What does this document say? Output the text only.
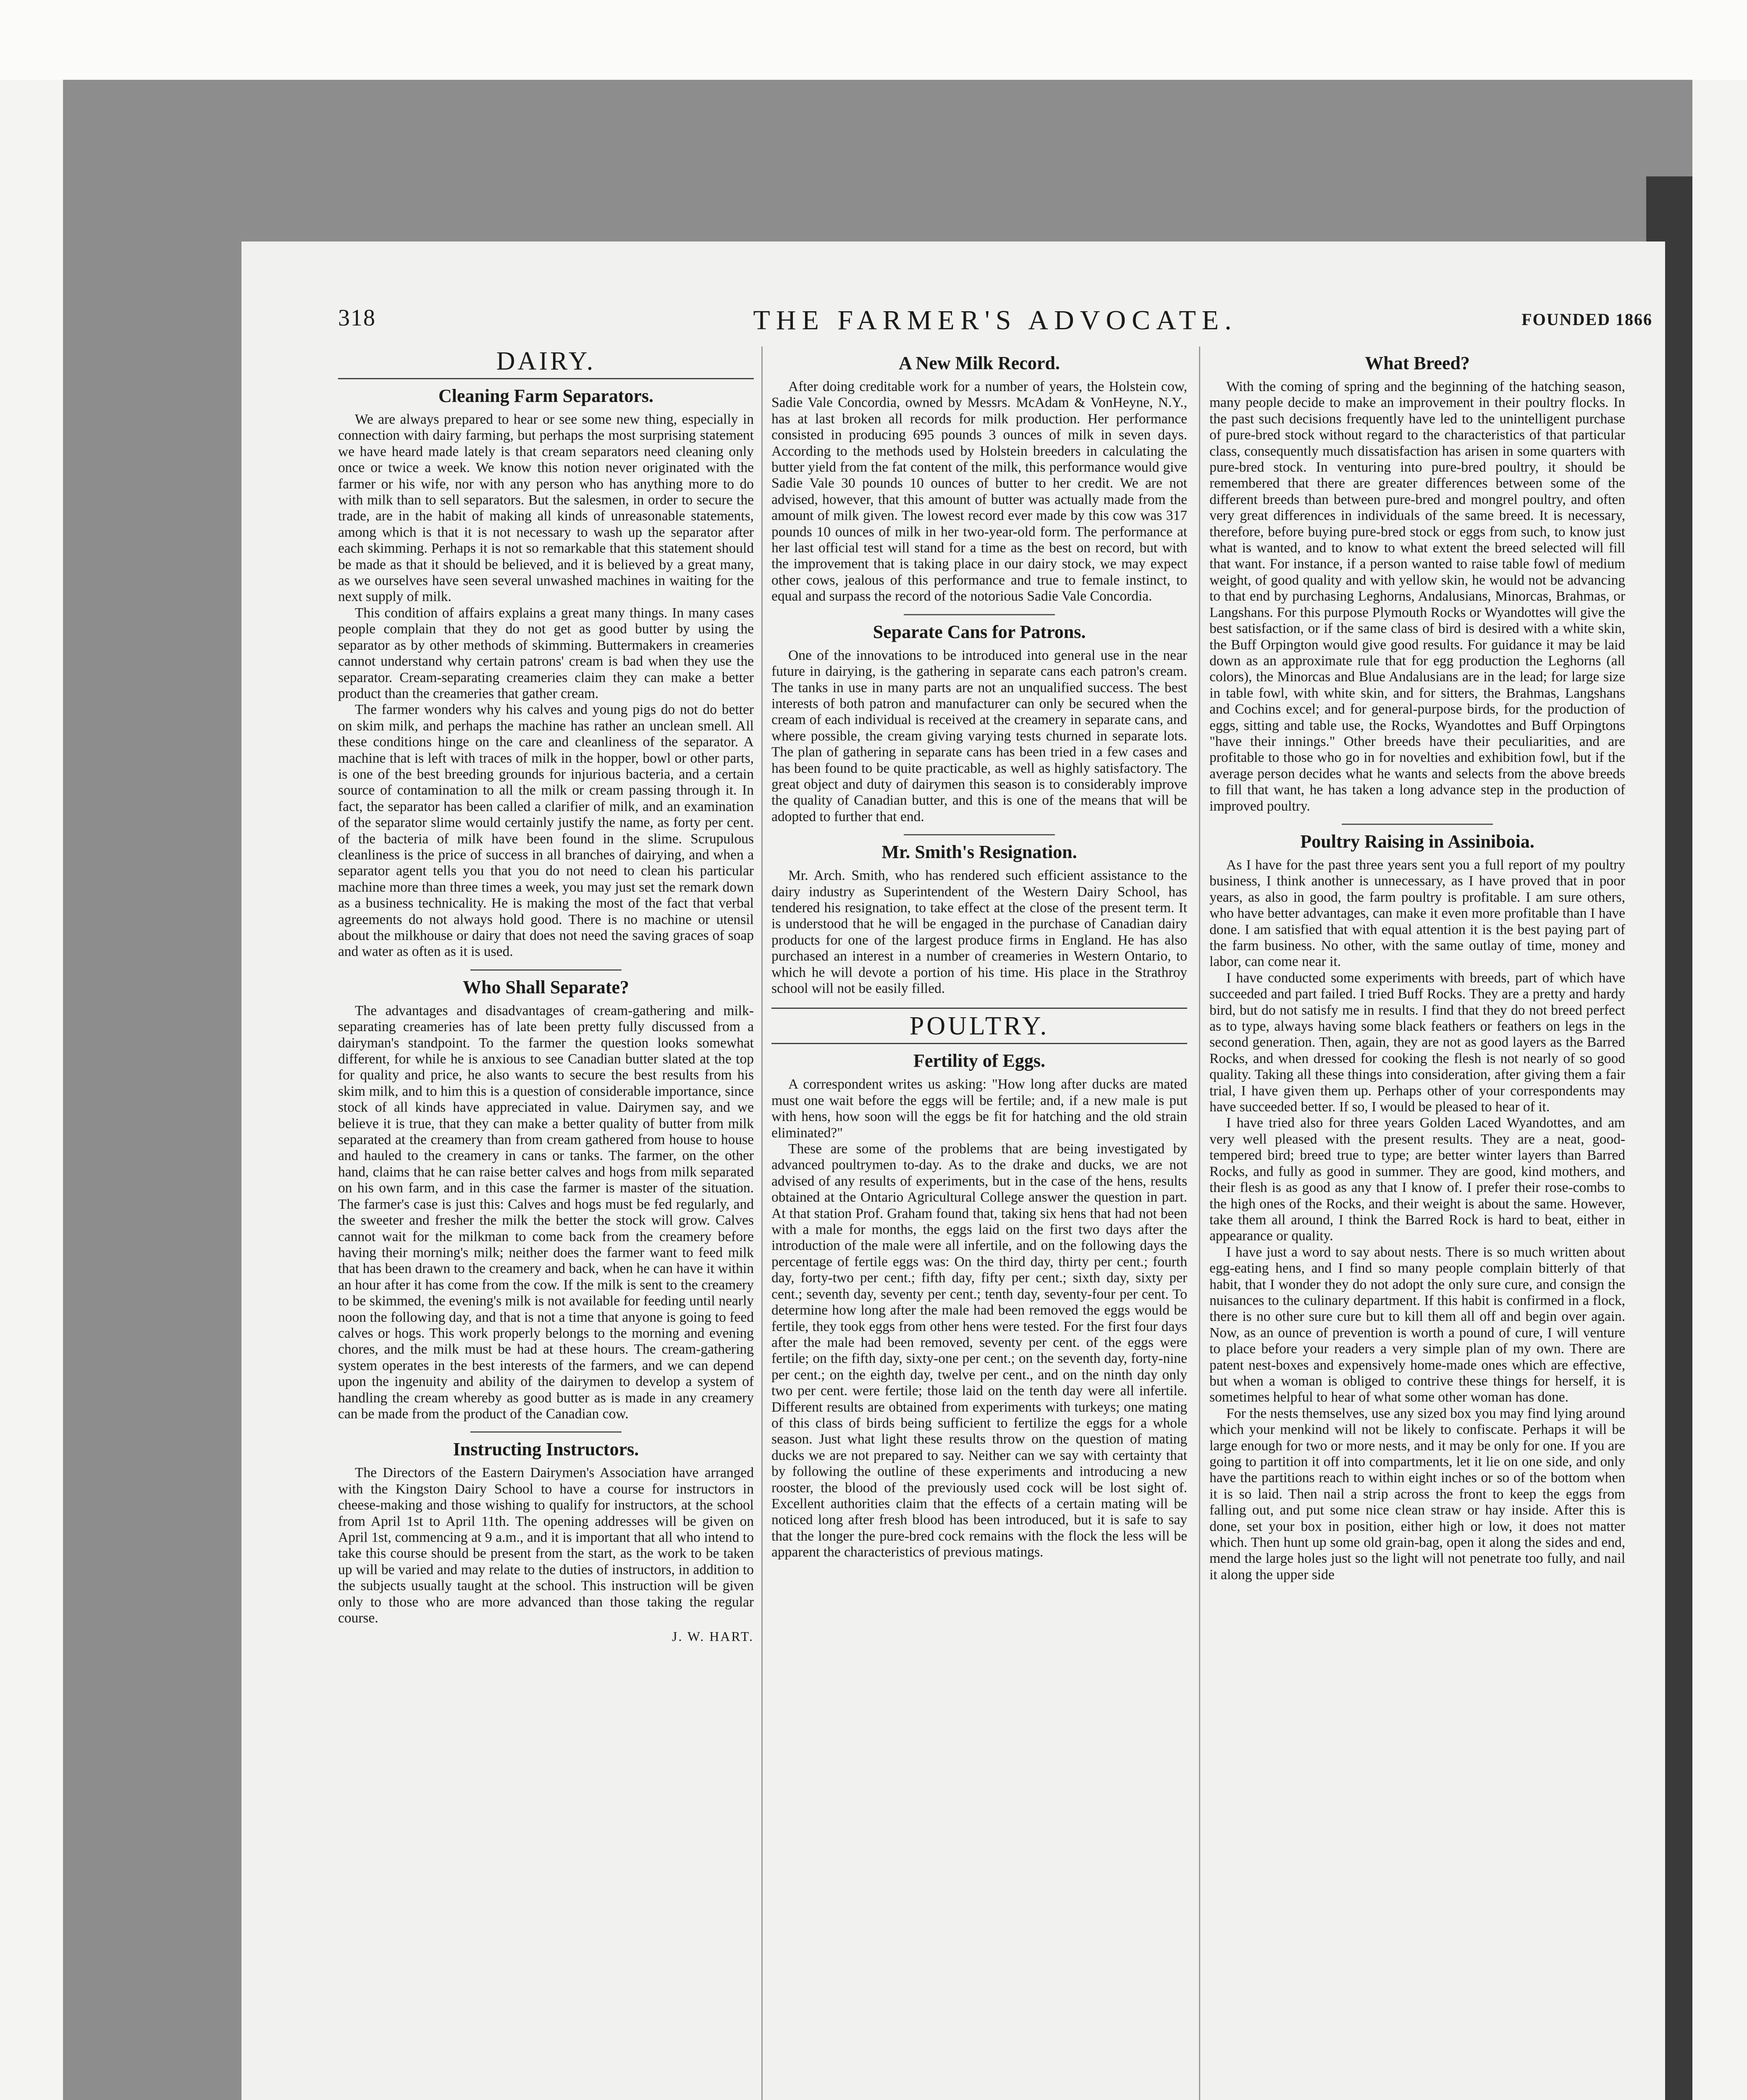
318	THE FARMER'S ADVOCATE.	FOUNDED 1866
DAIRY.
Cleaning Farm Separators.

We are always prepared to hear or see some new thing, especially in connection with dairy farming, but perhaps the most surprising statement we have heard made lately is that cream separators need cleaning only once or twice a week. We know this notion never originated with the farmer or his wife, nor with any person who has anything more to do with milk than to sell separators. But the salesmen, in order to secure the trade, are in the habit of making all kinds of unreasonable statements, among which is that it is not necessary to wash up the separator after each skimming. Perhaps it is not so remarkable that this statement should be made as that it should be believed, and it is believed by a great many, as we ourselves have seen several unwashed machines in waiting for the next supply of milk.

This condition of affairs explains a great many things. In many cases people complain that they do not get as good butter by using the separator as by other methods of skimming. Buttermakers in creameries cannot understand why certain patrons' cream is bad when they use the separator. Cream-separating creameries claim they can make a better product than the creameries that gather cream.

The farmer wonders why his calves and young pigs do not do better on skim milk, and perhaps the machine has rather an unclean smell. All these conditions hinge on the care and cleanliness of the separator. A machine that is left with traces of milk in the hopper, bowl or other parts, is one of the best breeding grounds for injurious bacteria, and a certain source of contamination to all the milk or cream passing through it. In fact, the separator has been called a clarifier of milk, and an examination of the separator slime would certainly justify the name, as forty per cent. of the bacteria of milk have been found in the slime. Scrupulous cleanliness is the price of success in all branches of dairying, and when a separator agent tells you that you do not need to clean his particular machine more than three times a week, you may just set the remark down as a business technicality. He is making the most of the fact that verbal agreements do not always hold good. There is no machine or utensil about the milkhouse or dairy that does not need the saving graces of soap and water as often as it is used.

Who Shall Separate?

The advantages and disadvantages of cream-gathering and milk-separating creameries has of late been pretty fully discussed from a dairyman's standpoint. To the farmer the question looks somewhat different, for while he is anxious to see Canadian butter slated at the top for quality and price, he also wants to secure the best results from his skim milk, and to him this is a question of considerable importance, since stock of all kinds have appreciated in value. Dairymen say, and we believe it is true, that they can make a better quality of butter from milk separated at the creamery than from cream gathered from house to house and hauled to the creamery in cans or tanks. The farmer, on the other hand, claims that he can raise better calves and hogs from milk separated on his own farm, and in this case the farmer is master of the situation. The farmer's case is just this: Calves and hogs must be fed regularly, and the sweeter and fresher the milk the better the stock will grow. Calves cannot wait for the milkman to come back from the creamery before having their morning's milk; neither does the farmer want to feed milk that has been drawn to the creamery and back, when he can have it within an hour after it has come from the cow. If the milk is sent to the creamery to be skimmed, the evening's milk is not available for feeding until nearly noon the following day, and that is not a time that anyone is going to feed calves or hogs. This work properly belongs to the morning and evening chores, and the milk must be had at these hours. The cream-gathering system operates in the best interests of the farmers, and we can depend upon the ingenuity and ability of the dairymen to develop a system of handling the cream whereby as good butter as is made in any creamery can be made from the product of the Canadian cow.

Instructing Instructors.

The Directors of the Eastern Dairymen's Association have arranged with the Kingston Dairy School to have a course for instructors in cheese-making and those wishing to qualify for instructors, at the school from April 1st to April 11th. The opening addresses will be given on April 1st, commencing at 9 a.m., and it is important that all who intend to take this course should be present from the start, as the work to be taken up will be varied and may relate to the duties of instructors, in addition to the subjects usually taught at the school. This instruction will be given only to those who are more advanced than those taking the regular course.

J. W. HART.
A New Milk Record.

After doing creditable work for a number of years, the Holstein cow, Sadie Vale Concordia, owned by Messrs. McAdam & VonHeyne, N.Y., has at last broken all records for milk production. Her performance consisted in producing 695 pounds 3 ounces of milk in seven days. According to the methods used by Holstein breeders in calculating the butter yield from the fat content of the milk, this performance would give Sadie Vale 30 pounds 10 ounces of butter to her credit. We are not advised, however, that this amount of butter was actually made from the amount of milk given. The lowest record ever made by this cow was 317 pounds 10 ounces of milk in her two-year-old form. The performance at her last official test will stand for a time as the best on record, but with the improvement that is taking place in our dairy stock, we may expect other cows, jealous of this performance and true to female instinct, to equal and surpass the record of the notorious Sadie Vale Concordia.

Separate Cans for Patrons.

One of the innovations to be introduced into general use in the near future in dairying, is the gathering in separate cans each patron's cream. The tanks in use in many parts are not an unqualified success. The best interests of both patron and manufacturer can only be secured when the cream of each individual is received at the creamery in separate cans, and where possible, the cream giving varying tests churned in separate lots. The plan of gathering in separate cans has been tried in a few cases and has been found to be quite practicable, as well as highly satisfactory. The great object and duty of dairymen this season is to considerably improve the quality of Canadian butter, and this is one of the means that will be adopted to further that end.

Mr. Smith's Resignation.

Mr. Arch. Smith, who has rendered such efficient assistance to the dairy industry as Superintendent of the Western Dairy School, has tendered his resignation, to take effect at the close of the present term. It is understood that he will be engaged in the purchase of Canadian dairy products for one of the largest produce firms in England. He has also purchased an interest in a number of creameries in Western Ontario, to which he will devote a portion of his time. His place in the Strathroy school will not be easily filled.

POULTRY.
Fertility of Eggs.

A correspondent writes us asking: "How long after ducks are mated must one wait before the eggs will be fertile; and, if a new male is put with hens, how soon will the eggs be fit for hatching and the old strain eliminated?"

These are some of the problems that are being investigated by advanced poultrymen to-day. As to the drake and ducks, we are not advised of any results of experiments, but in the case of the hens, results obtained at the Ontario Agricultural College answer the question in part. At that station Prof. Graham found that, taking six hens that had not been with a male for months, the eggs laid on the first two days after the introduction of the male were all infertile, and on the following days the percentage of fertile eggs was: On the third day, thirty per cent.; fourth day, forty-two per cent.; fifth day, fifty per cent.; sixth day, sixty per cent.; seventh day, seventy per cent.; tenth day, seventy-four per cent. To determine how long after the male had been removed the eggs would be fertile, they took eggs from other hens were tested. For the first four days after the male had been removed, seventy per cent. of the eggs were fertile; on the fifth day, sixty-one per cent.; on the seventh day, forty-nine per cent.; on the eighth day, twelve per cent., and on the ninth day only two per cent. were fertile; those laid on the tenth day were all infertile. Different results are obtained from experiments with turkeys; one mating of this class of birds being sufficient to fertilize the eggs for a whole season. Just what light these results throw on the question of mating ducks we are not prepared to say. Neither can we say with certainty that by following the outline of these experiments and introducing a new rooster, the blood of the previously used cock will be lost sight of. Excellent authorities claim that the effects of a certain mating will be noticed long after fresh blood has been introduced, but it is safe to say that the longer the pure-bred cock remains with the flock the less will be apparent the characteristics of previous matings.

What Breed?

With the coming of spring and the beginning of the hatching season, many people decide to make an improvement in their poultry flocks. In the past such decisions frequently have led to the unintelligent purchase of pure-bred stock without regard to the characteristics of that particular class, consequently much dissatisfaction has arisen in some quarters with pure-bred stock. In venturing into pure-bred poultry, it should be remembered that there are greater differences between some of the different breeds than between pure-bred and mongrel poultry, and often very great differences in individuals of the same breed. It is necessary, therefore, before buying pure-bred stock or eggs from such, to know just what is wanted, and to know to what extent the breed selected will fill that want. For instance, if a person wanted to raise table fowl of medium weight, of good quality and with yellow skin, he would not be advancing to that end by purchasing Leghorns, Andalusians, Minorcas, Brahmas, or Langshans. For this purpose Plymouth Rocks or Wyandottes will give the best satisfaction, or if the same class of bird is desired with a white skin, the Buff Orpington would give good results. For guidance it may be laid down as an approximate rule that for egg production the Leghorns (all colors), the Minorcas and Blue Andalusians are in the lead; for large size in table fowl, with white skin, and for sitters, the Brahmas, Langshans and Cochins excel; and for general-purpose birds, for the production of eggs, sitting and table use, the Rocks, Wyandottes and Buff Orpingtons "have their innings." Other breeds have their peculiarities, and are profitable to those who go in for novelties and exhibition fowl, but if the average person decides what he wants and selects from the above breeds to fill that want, he has taken a long advance step in the production of improved poultry.

Poultry Raising in Assiniboia.

As I have for the past three years sent you a full report of my poultry business, I think another is unnecessary, as I have proved that in poor years, as also in good, the farm poultry is profitable. I am sure others, who have better advantages, can make it even more profitable than I have done. I am satisfied that with equal attention it is the best paying part of the farm business. No other, with the same outlay of time, money and labor, can come near it.

I have conducted some experiments with breeds, part of which have succeeded and part failed. I tried Buff Rocks. They are a pretty and hardy bird, but do not satisfy me in results. I find that they do not breed perfect as to type, always having some black feathers or feathers on legs in the second generation. Then, again, they are not as good layers as the Barred Rocks, and when dressed for cooking the flesh is not nearly of so good quality. Taking all these things into consideration, after giving them a fair trial, I have given them up. Perhaps other of your correspondents may have succeeded better. If so, I would be pleased to hear of it.

I have tried also for three years Golden Laced Wyandottes, and am very well pleased with the present results. They are a neat, good-tempered bird; breed true to type; are better winter layers than Barred Rocks, and fully as good in summer. They are good, kind mothers, and their flesh is as good as any that I know of. I prefer their rose-combs to the high ones of the Rocks, and their weight is about the same. However, take them all around, I think the Barred Rock is hard to beat, either in appearance or quality.

I have just a word to say about nests. There is so much written about egg-eating hens, and I find so many people complain bitterly of that habit, that I wonder they do not adopt the only sure cure, and consign the nuisances to the culinary department. If this habit is confirmed in a flock, there is no other sure cure but to kill them all off and begin over again. Now, as an ounce of prevention is worth a pound of cure, I will venture to place before your readers a very simple plan of my own. There are patent nest-boxes and expensively home-made ones which are effective, but when a woman is obliged to contrive these things for herself, it is sometimes helpful to hear of what some other woman has done.

For the nests themselves, use any sized box you may find lying around which your menkind will not be likely to confiscate. Perhaps it will be large enough for two or more nests, and it may be only for one. If you are going to partition it off into compartments, let it lie on one side, and only have the partitions reach to within eight inches or so of the bottom when it is so laid. Then nail a strip across the front to keep the eggs from falling out, and put some nice clean straw or hay inside. After this is done, set your box in position, either high or low, it does not matter which. Then hunt up some old grain-bag, open it along the sides and end, mend the large holes just so the light will not penetrate too fully, and nail it along the upper side
